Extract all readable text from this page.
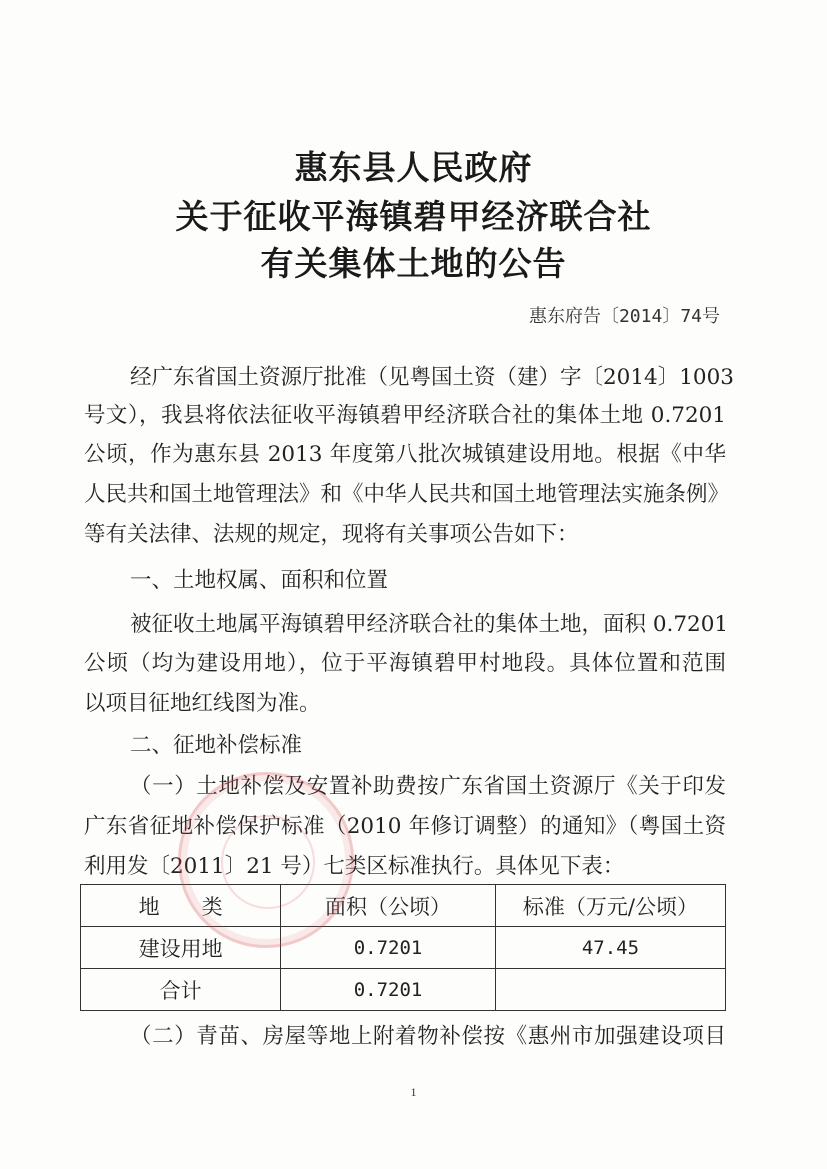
惠东县人民政府
关于征收平海镇碧甲经济联合社
有关集体土地的公告
惠东府告〔2014〕74号
经广东省国土资源厅批准（见粤国土资（建）字〔2014〕1003
号文），我县将依法征收平海镇碧甲经济联合社的集体土地 0.7201
公顷，作为惠东县 2013 年度第八批次城镇建设用地。根据《中华
人民共和国土地管理法》和《中华人民共和国土地管理法实施条例》
等有关法律、法规的规定，现将有关事项公告如下：
一、土地权属、面积和位置
被征收土地属平海镇碧甲经济联合社的集体土地，面积 0.7201
公顷（均为建设用地），位于平海镇碧甲村地段。具体位置和范围
以项目征地红线图为准。
二、征地补偿标准
（一）土地补偿及安置补助费按广东省国土资源厅《关于印发
广东省征地补偿保护标准（2010 年修订调整）的通知》（粤国土资
利用发〔2011〕21 号）七类区标准执行。具体见下表：
地　　类	面积（公顷）	标准（万元/公顷）
建设用地	0.7201	47.45
合计	0.7201	
（二）青苗、房屋等地上附着物补偿按《惠州市加强建设项目
1
